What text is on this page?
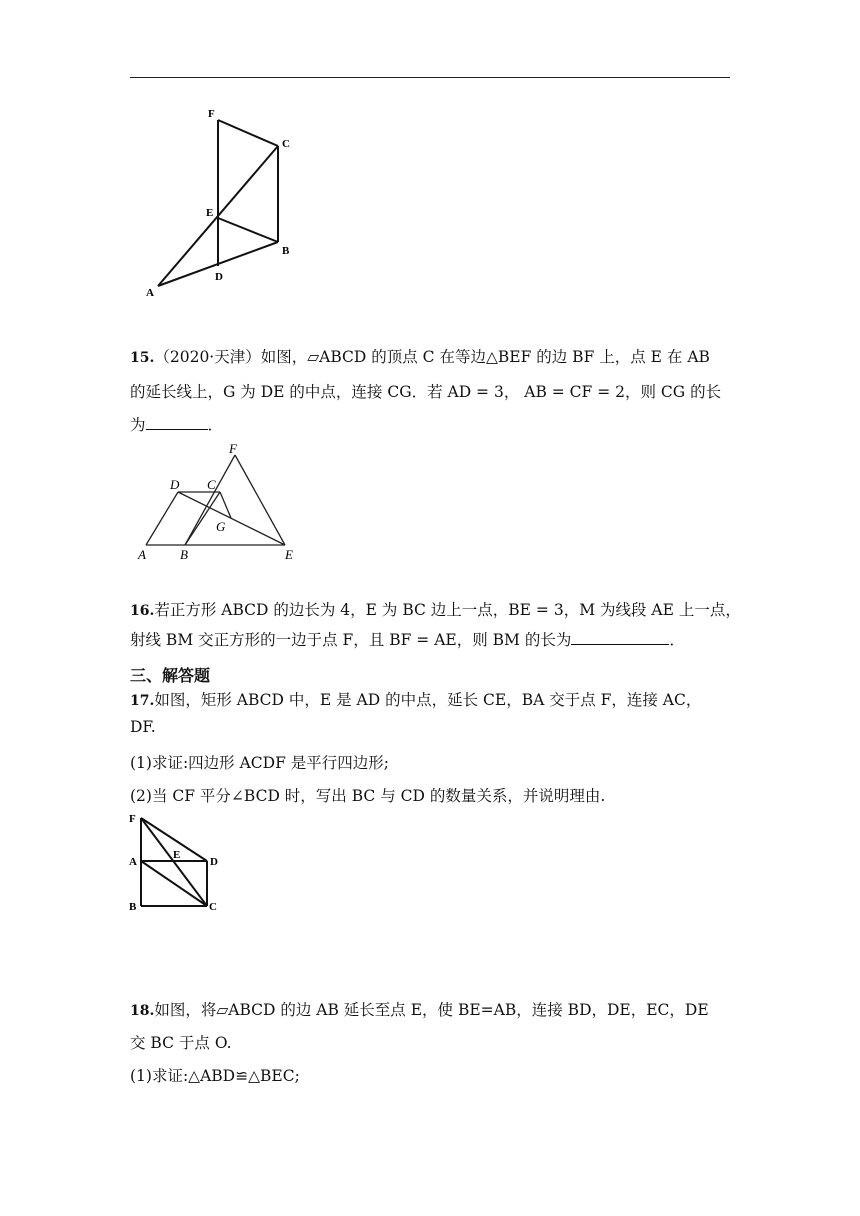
F
C
E
B
D
A
15.（2020·天津）如图，▱ABCD 的顶点 C 在等边△BEF 的边 BF 上，点 E 在 AB
的延长线上，G 为 DE 的中点，连接 CG．若 AD = 3， AB = CF = 2，则 CG 的长
为	．
F
D C
G
A	B	E
16.若正方形 ABCD 的边长为 4，E 为 BC 边上一点，BE = 3，M 为线段 AE 上一点，
射线 BM 交正方形的一边于点 F，且 BF = AE，则 BM 的长为	．
三、解答题
17.如图，矩形 ABCD 中，E 是 AD 的中点，延长 CE，BA 交于点 F，连接 AC，
DF.
(1)求证:四边形 ACDF 是平行四边形;
(2)当 CF 平分∠BCD 时，写出 BC 与 CD 的数量关系，并说明理由.
F
A
E
D
B	C
18.如图，将▱ABCD 的边 AB 延长至点 E，使 BE=AB，连接 BD，DE，EC，DE
交 BC 于点 O.
(1)求证:△ABD≌△BEC;
